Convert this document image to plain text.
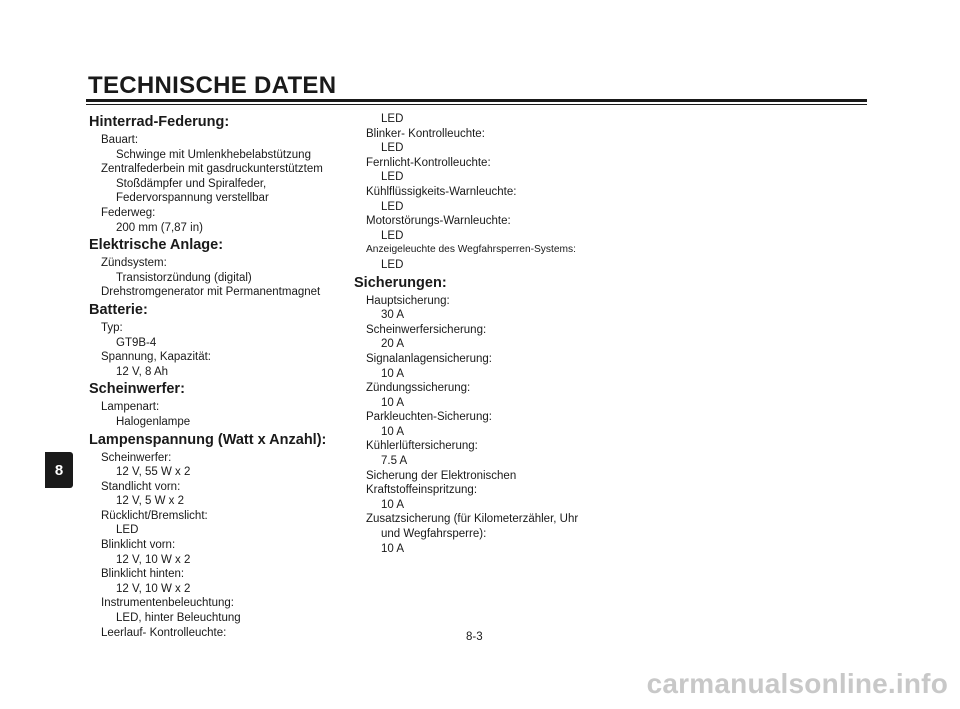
TECHNISCHE DATEN
8
Hinterrad-Federung:
Bauart:
Schwinge mit Umlenkhebelabstützung
Zentralfederbein mit gasdruckunterstütztem
Stoßdämpfer und Spiralfeder,
Federvorspannung verstellbar
Federweg:
200 mm (7,87 in)
Elektrische Anlage:
Zündsystem:
Transistorzündung (digital)
Drehstromgenerator mit Permanentmagnet
Batterie:
Typ:
GT9B-4
Spannung, Kapazität:
12 V, 8 Ah
Scheinwerfer:
Lampenart:
Halogenlampe
Lampenspannung (Watt x Anzahl):
Scheinwerfer:
12 V, 55 W x 2
Standlicht vorn:
12 V, 5 W x 2
Rücklicht/Bremslicht:
LED
Blinklicht vorn:
12 V, 10 W x 2
Blinklicht hinten:
12 V, 10 W x 2
Instrumentenbeleuchtung:
LED, hinter Beleuchtung
Leerlauf- Kontrolleuchte:
LED
Blinker- Kontrolleuchte:
LED
Fernlicht-Kontrolleuchte:
LED
Kühlflüssigkeits-Warnleuchte:
LED
Motorstörungs-Warnleuchte:
LED
Anzeigeleuchte des Wegfahrsperren-Systems:
LED
Sicherungen:
Hauptsicherung:
30 A
Scheinwerfersicherung:
20 A
Signalanlagensicherung:
10 A
Zündungssicherung:
10 A
Parkleuchten-Sicherung:
10 A
Kühlerlüftersicherung:
7.5 A
Sicherung der Elektronischen
Kraftstoffeinspritzung:
10 A
Zusatzsicherung (für Kilometerzähler, Uhr
und Wegfahrsperre):
10 A
8-3
carmanualsonline.info
